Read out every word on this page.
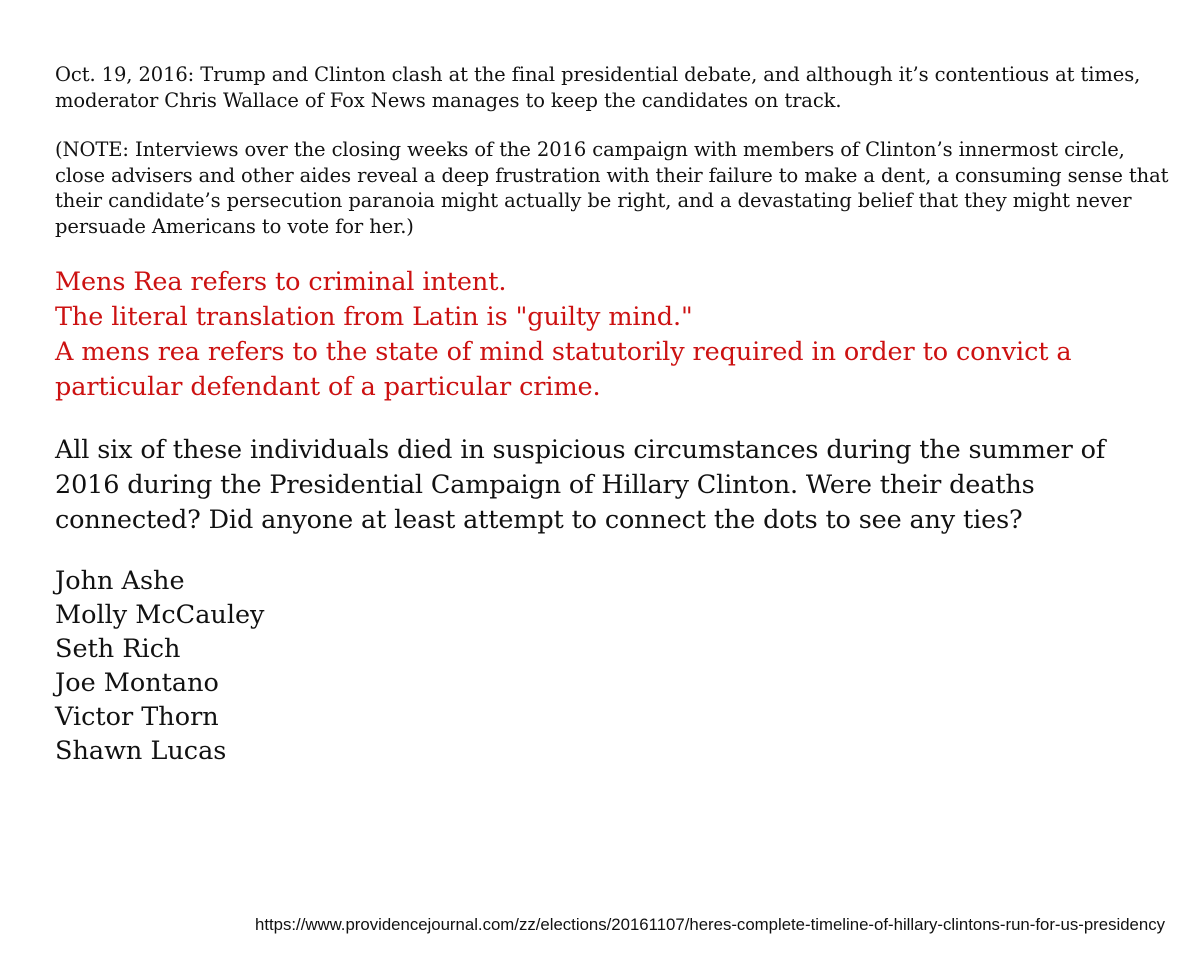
Oct. 19, 2016: Trump and Clinton clash at the final presidential debate, and although it’s contentious at times, moderator Chris Wallace of Fox News manages to keep the candidates on track.

(NOTE: Interviews over the closing weeks of the 2016 campaign with members of Clinton’s innermost circle, close advisers and other aides reveal a deep frustration with their failure to make a dent, a consuming sense that their candidate’s persecution paranoia might actually be right, and a devastating belief that they might never persuade Americans to vote for her.)

Mens Rea refers to criminal intent.
The literal translation from Latin is "guilty mind."
A mens rea refers to the state of mind statutorily required in order to convict a particular defendant of a particular crime.

All six of these individuals died in suspicious circumstances during the summer of 2016 during the Presidential Campaign of Hillary Clinton. Were their deaths connected? Did anyone at least attempt to connect the dots to see any ties?

John Ashe
Molly McCauley
Seth Rich
Joe Montano
Victor Thorn
Shawn Lucas
https://www.providencejournal.com/zz/elections/20161107/heres-complete-timeline-of-hillary-clintons-run-for-us-presidency
